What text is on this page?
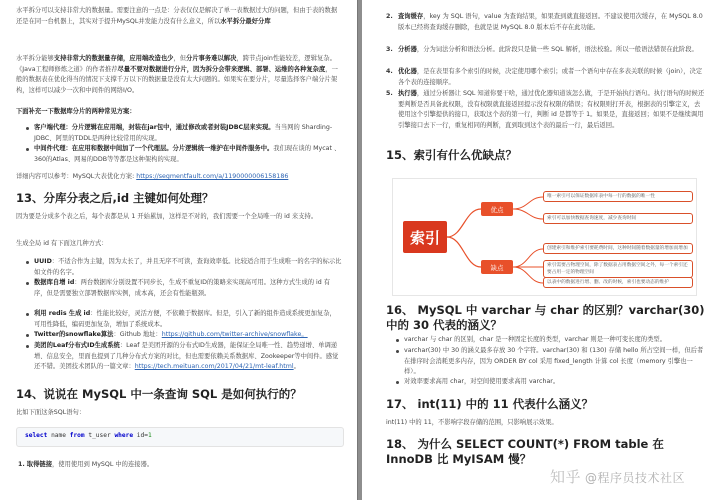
水平拆分可以支持非常大的数据量。需要注意的一点是：分表仅仅是解决了单一表数据过大的问题，但由于表的数据还是在同一台机器上，其实对于提升MySQL并发能力没有什么意义，所以水平拆分最好分库
水平拆分能够支持非常大的数据量存储，应用端改造也少，但分片事务难以解决，跨节点join性能较差，逻辑复杂。《Java工程师修炼之道》的作者推荐尽量不要对数据进行分片，因为拆分会带来逻辑、部署、运维的各种复杂度，一般的数据表在优化得当的情况下支撑千万以下的数据量是没有太大问题的。如果实在要分片，尽量选择客户端分片架构，这样可以减少一次和中间件的网络I/O。
下面补充一下数据库分片的两种常见方案：
客户端代理：分片逻辑在应用端，封装在jar包中，通过修改或者封装JDBC层来实现。当当网的 Sharding-JDBC、阿里的TDDL是两种比较常用的实现。
中间件代理：在应用和数据中间加了一个代理层。分片逻辑统一维护在中间件服务中。我们现在谈的 Mycat 、360的Atlas、网易的DDB等等都是这种架构的实现。
详细内容可以参考：MySQL大表优化方案: https://segmentfault.com/a/1190000006158186
13、分库分表之后,id 主键如何处理？
因为要是分成多个表之后，每个表都是从 1 开始累加，这样是不对的，我们需要一个全局唯一的 id 来支持。
生成全局 id 有下面这几种方式：
UUID：不适合作为主键，因为太长了，并且无序不可读，查询效率低。比较适合用于生成唯一的名字的标示比如文件的名字。
数据库自增 id：两台数据库分别设置不同步长，生成不重复ID的策略来实现高可用。这种方式生成的 id 有序，但是需要独立部署数据库实例，成本高，还会有性能瓶颈。
利用 redis 生成 id：性能比较好，灵活方便，不依赖于数据库。但是，引入了新的组件造成系统更加复杂，可用性降低，编码更加复杂，增加了系统成本。
Twitter的snowflake算法：Github 地址：https://github.com/twitter-archive/snowflake。
美团的Leaf分布式ID生成系统：Leaf 是美团开源的分布式ID生成器，能保证全局唯一性、趋势递增、单调递增、信息安全，里面也提到了几种分布式方案的对比，但也需要依赖关系数据库、Zookeeper等中间件。感觉还不错。美团技术团队的一篇文章：https://tech.meituan.com/2017/04/21/mt-leaf.html。
14、说说在 MySQL 中一条查询 SQL 是如何执行的？
比如下面这条SQL语句：
select name from t_user where id=1
1. 取得链接，使用使用到 MySQL 中的连接器。
2. 查询缓存，key 为 SQL 语句，value 为查询结果，如果查到就直接返回。不建议使用次缓存，在 MySQL 8.0 版本已经将查询缓存删除，也就是说 MySQL 8.0 版本后不存在此功能。
3. 分析器，分为词法分析和语法分析。此阶段只是做一些 SQL 解析，语法校验。所以一般语法错误在此阶段。
4. 优化器，是在表里有多个索引的时候，决定使用哪个索引；或者一个语句中存在多表关联的时候（join），决定各个表的连接顺序。
5. 执行器，通过分析器让 SQL 知道你要干啥，通过优化器知道该怎么做，于是开始执行语句。执行语句的时候还要判断是否具备此权限，没有权限就直接返回提示没有权限的错误；有权限则打开表，根据表的引擎定义，去使用这个引擎提供的接口，获取这个表的第一行，判断 id 是都等于 1。如果是，直接返回；如果不是继续调用引擎接口去下一行，重复相同的判断，直到取到这个表的最后一行，最后返回。
15、索引有什么优缺点？
索引
优点
缺点
唯一索引可以保证数据库表中每一行的数据的唯一性
索引可以加快数据查询速度，减少查询时间
创建索引和维护索引要耗费时间，这种时间随着数据量的增加而增加
索引需要占物理空间，除了数据表占用数据空间之外，每一个索引还要占用一定的物理空间
以表中的数据进行增、删、改的时候，索引也要动态的维护
16、 MySQL 中 varchar 与 char 的区别？varchar(30) 中的 30 代表的涵义？
varchar 与 char 的区别，char 是一种固定长度的类型，varchar 则是一种可变长度的类型。
varchar(30) 中 30 的涵义最多存放 30 个字符。varchar(30) 和 (130) 存储 hello 所占空间一样，但后者在排序时会消耗更多内存，因为 ORDER BY col 采用 fixed_length 计算 col 长度（memory 引擎也一样）。
对效率要求高用 char，对空间使用要求高用 varchar。
17、 int(11) 中的 11 代表什么涵义？
int(11) 中的 11，不影响字段存储的范围，只影响展示效果。
18、 为什么 SELECT COUNT(*) FROM table 在 InnoDB 比 MyISAM 慢？
知乎 @程序员技术社区
